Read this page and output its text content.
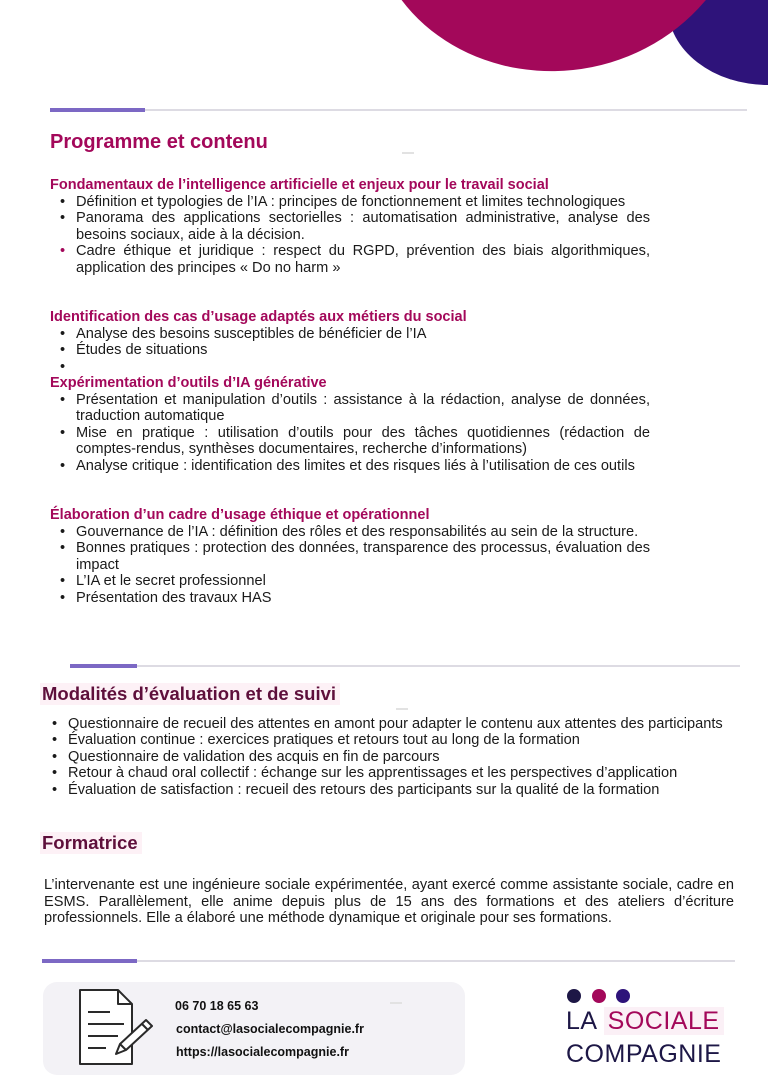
Programme et contenu
Fondamentaux de l’intelligence artificielle et enjeux pour le travail social
• Définition et typologies de l’IA : principes de fonctionnement et limites technologiques
• Panorama des applications sectorielles : automatisation administrative, analyse des besoins sociaux, aide à la décision.
• Cadre éthique et juridique : respect du RGPD, prévention des biais algorithmiques, application des principes « Do no harm »
Identification des cas d’usage adaptés aux métiers du social
• Analyse des besoins susceptibles de bénéficier de l’IA
• Études de situations
•
Expérimentation d’outils d’IA générative
• Présentation et manipulation d’outils : assistance à la rédaction, analyse de données, traduction automatique
• Mise en pratique : utilisation d’outils pour des tâches quotidiennes (rédaction de comptes-rendus, synthèses documentaires, recherche d’informations)
• Analyse critique : identification des limites et des risques liés à l’utilisation de ces outils
Élaboration d’un cadre d’usage éthique et opérationnel
• Gouvernance de l’IA : définition des rôles et des responsabilités au sein de la structure.
• Bonnes pratiques : protection des données, transparence des processus, évaluation des impact
• L’IA et le secret professionnel
• Présentation des travaux HAS
Modalités d’évaluation et de suivi
• Questionnaire de recueil des attentes en amont pour adapter le contenu aux attentes des participants
• Évaluation continue : exercices pratiques et retours tout au long de la formation
• Questionnaire de validation des acquis en fin de parcours
• Retour à chaud oral collectif : échange sur les apprentissages et les perspectives d’application
• Évaluation de satisfaction : recueil des retours des participants sur la qualité de la formation
Formatrice
L’intervenante est une ingénieure sociale expérimentée, ayant exercé comme assistante sociale, cadre en ESMS. Parallèlement, elle anime depuis plus de 15 ans des formations et des ateliers d’écriture professionnels. Elle a élaboré une méthode dynamique et originale pour ses formations.
06 70 18 65 63
contact@lasocialecompagnie.fr
https://lasocialecompagnie.fr
LA SOCIALE
COMPAGNIE
